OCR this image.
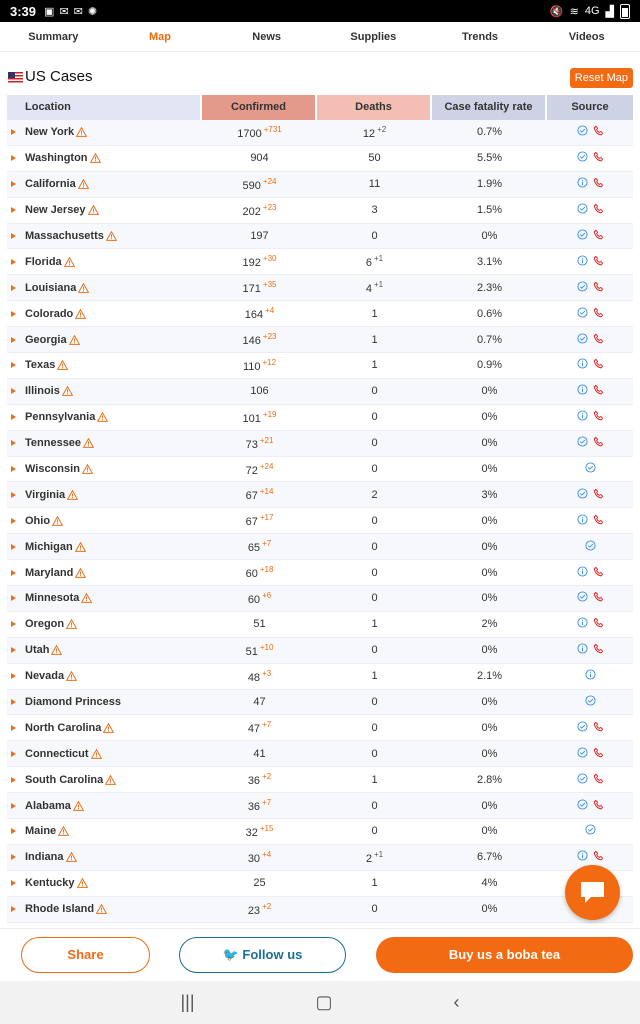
3:39 ▣ ✉ ✉ ✺	🔇 ≋ 4G ▟
Summary	Map	News	Supplies	Trends	Videos
US Cases	Reset Map
Location	Confirmed	Deaths	Case fatality rate	Source
New York	1700 $^{+731}$	12 $^{+2}$	0.7%
Washington	904	50	5.5%
California	590 $^{+24}$	11	1.9%
New Jersey	202 $^{+23}$	3	1.5%
Massachusetts	197	0	0%
Florida	192 $^{+30}$	6 $^{+1}$	3.1%
Louisiana	171 $^{+35}$	4 $^{+1}$	2.3%
Colorado	164 $^{+4}$	1	0.6%
Georgia	146 $^{+23}$	1	0.7%
Texas	110 $^{+12}$	1	0.9%
Illinois	106	0	0%
Pennsylvania	101 $^{+19}$	0	0%
Tennessee	73 $^{+21}$	0	0%
Wisconsin	72 $^{+24}$	0	0%
Virginia	67 $^{+14}$	2	3%
Ohio	67 $^{+17}$	0	0%
Michigan	65 $^{+7}$	0	0%
Maryland	60 $^{+18}$	0	0%
Minnesota	60 $^{+6}$	0	0%
Oregon	51	1	2%
Utah	51 $^{+10}$	0	0%
Nevada	48 $^{+3}$	1	2.1%
Diamond Princess	47	0	0%
North Carolina	47 $^{+7}$	0	0%
Connecticut	41	0	0%
South Carolina	36 $^{+2}$	1	2.8%
Alabama	36 $^{+7}$	0	0%
Maine	32 $^{+15}$	0	0%
Indiana	30 $^{+4}$	2 $^{+1}$	6.7%
Kentucky	25	1	4%
Rhode Island	23 $^{+2}$	0	0%
Share	🐦 Follow us	Buy us a boba tea
|||	▢	‹
